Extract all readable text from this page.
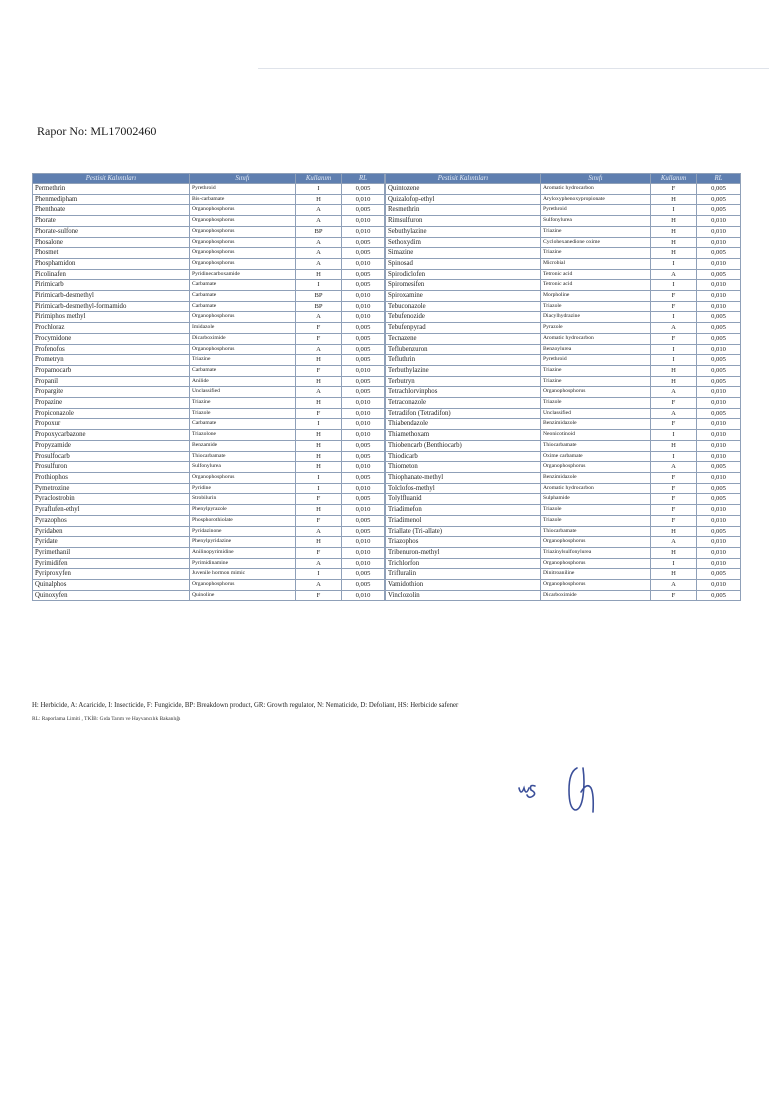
Rapor No: ML17002460
Pestisit Kalıntıları	Sınıfı	Kullanım	RL
Permethrin	Pyrethroid	I	0,005
Phenmedipham	Bis-carbamate	H	0,010
Phenthoate	Organophosphorus	A	0,005
Phorate	Organophosphorus	A	0,010
Phorate-sulfone	Organophosphorus	BP	0,010
Phosalone	Organophosphorus	A	0,005
Phosmet	Organophosphorus	A	0,005
Phosphamidon	Organophosphorus	A	0,010
Picolinafen	Pyridinecarboxamide	H	0,005
Pirimicarb	Carbamate	I	0,005
Pirimicarb-desmethyl	Carbamate	BP	0,010
Pirimicarb-desmethyl-formamido	Carbamate	BP	0,010
Pirimiphos methyl	Organophosphorus	A	0,010
Prochloraz	Imidazole	F	0,005
Procymidone	Dicarboximide	F	0,005
Profenofos	Organophosphorus	A	0,005
Prometryn	Triazine	H	0,005
Propamocarb	Carbamate	F	0,010
Propanil	Anilide	H	0,005
Propargite	Unclassified	A	0,005
Propazine	Triazine	H	0,010
Propiconazole	Triazole	F	0,010
Propoxur	Carbamate	I	0,010
Propoxycarbazone	Triazolone	H	0,010
Propyzamide	Benzamide	H	0,005
Prosulfocarb	Thiocarbamate	H	0,005
Prosulfuron	Sulfonylurea	H	0,010
Prothiophos	Organophosphorus	I	0,005
Pymetrozine	Pyridine	I	0,010
Pyraclostrobin	Strobilurin	F	0,005
Pyraflufen-ethyl	Phenylpyrazole	H	0,010
Pyrazophos	Phosphorothiolate	F	0,005
Pyridaben	Pyridazinone	A	0,005
Pyridate	Phenylpyridazine	H	0,010
Pyrimethanil	Anilinopyrimidine	F	0,010
Pyrimidifen	Pyrimidinamine	A	0,010
Pyriproxyfen	Juvenile hormon mimic	I	0,005
Quinalphos	Organophosphorus	A	0,005
Quinoxyfen	Quinoline	F	0,010
Pestisit Kalıntıları	Sınıfı	Kullanım	RL
Quintozene	Aromatic hydrocarbon	F	0,005
Quizalofop-ethyl	Aryloxyphenoxypropionate	H	0,005
Resmethrin	Pyrethroid	I	0,005
Rimsulfuron	Sulfonylurea	H	0,010
Sebuthylazine	Triazine	H	0,010
Sethoxydim	Cyclohexanedione oxime	H	0,010
Simazine	Triazine	H	0,005
Spinosad	Microbial	I	0,010
Spirodiclofen	Tetronic acid	A	0,005
Spiromesifen	Tetronic acid	I	0,010
Spiroxamine	Morpholine	F	0,010
Tebuconazole	Triazole	F	0,010
Tebufenozide	Diacylhydrazine	I	0,005
Tebufenpyrad	Pyrazole	A	0,005
Tecnazene	Aromatic hydrocarbon	F	0,005
Teflubenzuron	Benzoylurea	I	0,010
Tefluthrin	Pyrethroid	I	0,005
Terbuthylazine	Triazine	H	0,005
Terbutryn	Triazine	H	0,005
Tetrachlorvinphos	Organophosphorus	A	0,010
Tetraconazole	Triazole	F	0,010
Tetradifon (Tetradifon)	Unclassified	A	0,005
Thiabendazole	Benzimidazole	F	0,010
Thiamethoxam	Neonicotinoid	I	0,010
Thiobencarb (Benthiocarb)	Thiocarbamate	H	0,010
Thiodicarb	Oxime carbamate	I	0,010
Thiometon	Organophosphorus	A	0,005
Thiophanate-methyl	Benzimidazole	F	0,010
Tolclofos-methyl	Aromatic hydrocarbon	F	0,005
Tolylfluanid	Sulphamide	F	0,005
Triadimefon	Triazole	F	0,010
Triadimenol	Triazole	F	0,010
Triallate (Tri-allate)	Thiocarbamate	H	0,005
Triazophos	Organophosphorus	A	0,010
Tribenuron-methyl	Triazinylsulfonylurea	H	0,010
Trichlorfon	Organophosphorus	I	0,010
Trifluralin	Dinitroaniline	H	0,005
Vamidothion	Organophosphorus	A	0,010
Vinclozolin	Dicarboximide	F	0,005
H: Herbicide, A: Acaricide, I: Insecticide, F: Fungicide, BP: Breakdown product, GR: Growth regulator, N: Nematicide, D: Defoliant, HS: Herbicide safener
RL: Raporlama Limiti , TKİB: Gıda Tarım ve Hayvancılık Bakanlığı
